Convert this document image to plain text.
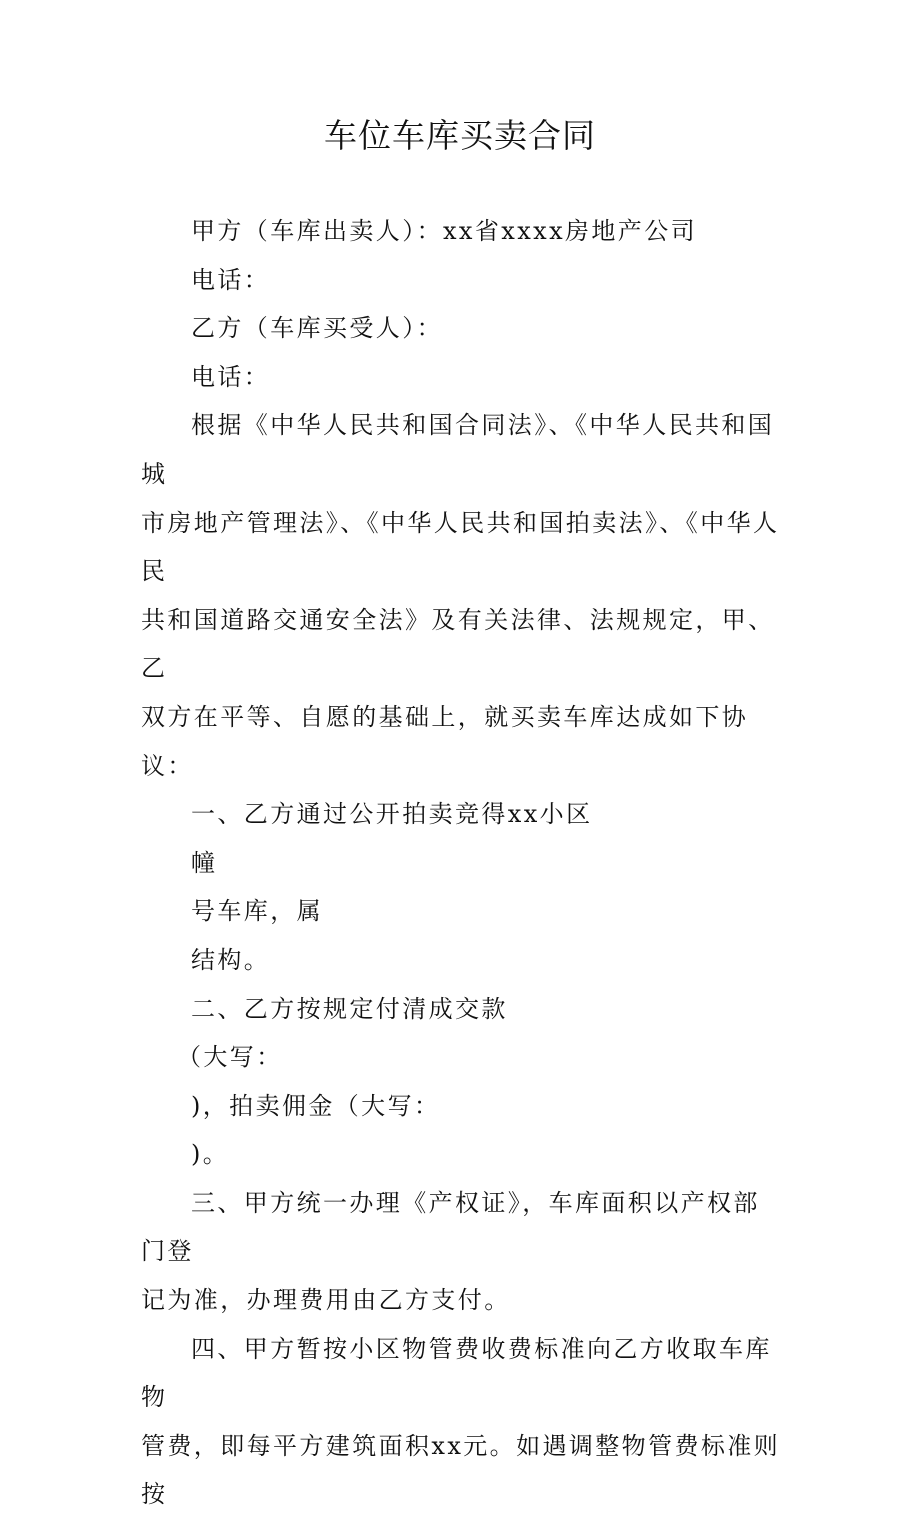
车位车库买卖合同

甲方（车库出卖人）：xx省xxxx房地产公司

电话：

乙方（车库买受人）：

电话：

根据《中华人民共和国合同法》、《中华人民共和国城
市房地产管理法》、《中华人民共和国拍卖法》、《中华人民
共和国道路交通安全法》及有关法律、法规规定，甲、乙
双方在平等、自愿的基础上，就买卖车库达成如下协议：

一、乙方通过公开拍卖竞得xx小区

幢

号车库，属

结构。

二、乙方按规定付清成交款

（大写：

)，拍卖佣金（大写：

)。

三、甲方统一办理《产权证》，车库面积以产权部门登
记为准，办理费用由乙方支付。

四、甲方暂按小区物管费收费标准向乙方收取车库物
管费，即每平方建筑面积xx元。如遇调整物管费标准则按
